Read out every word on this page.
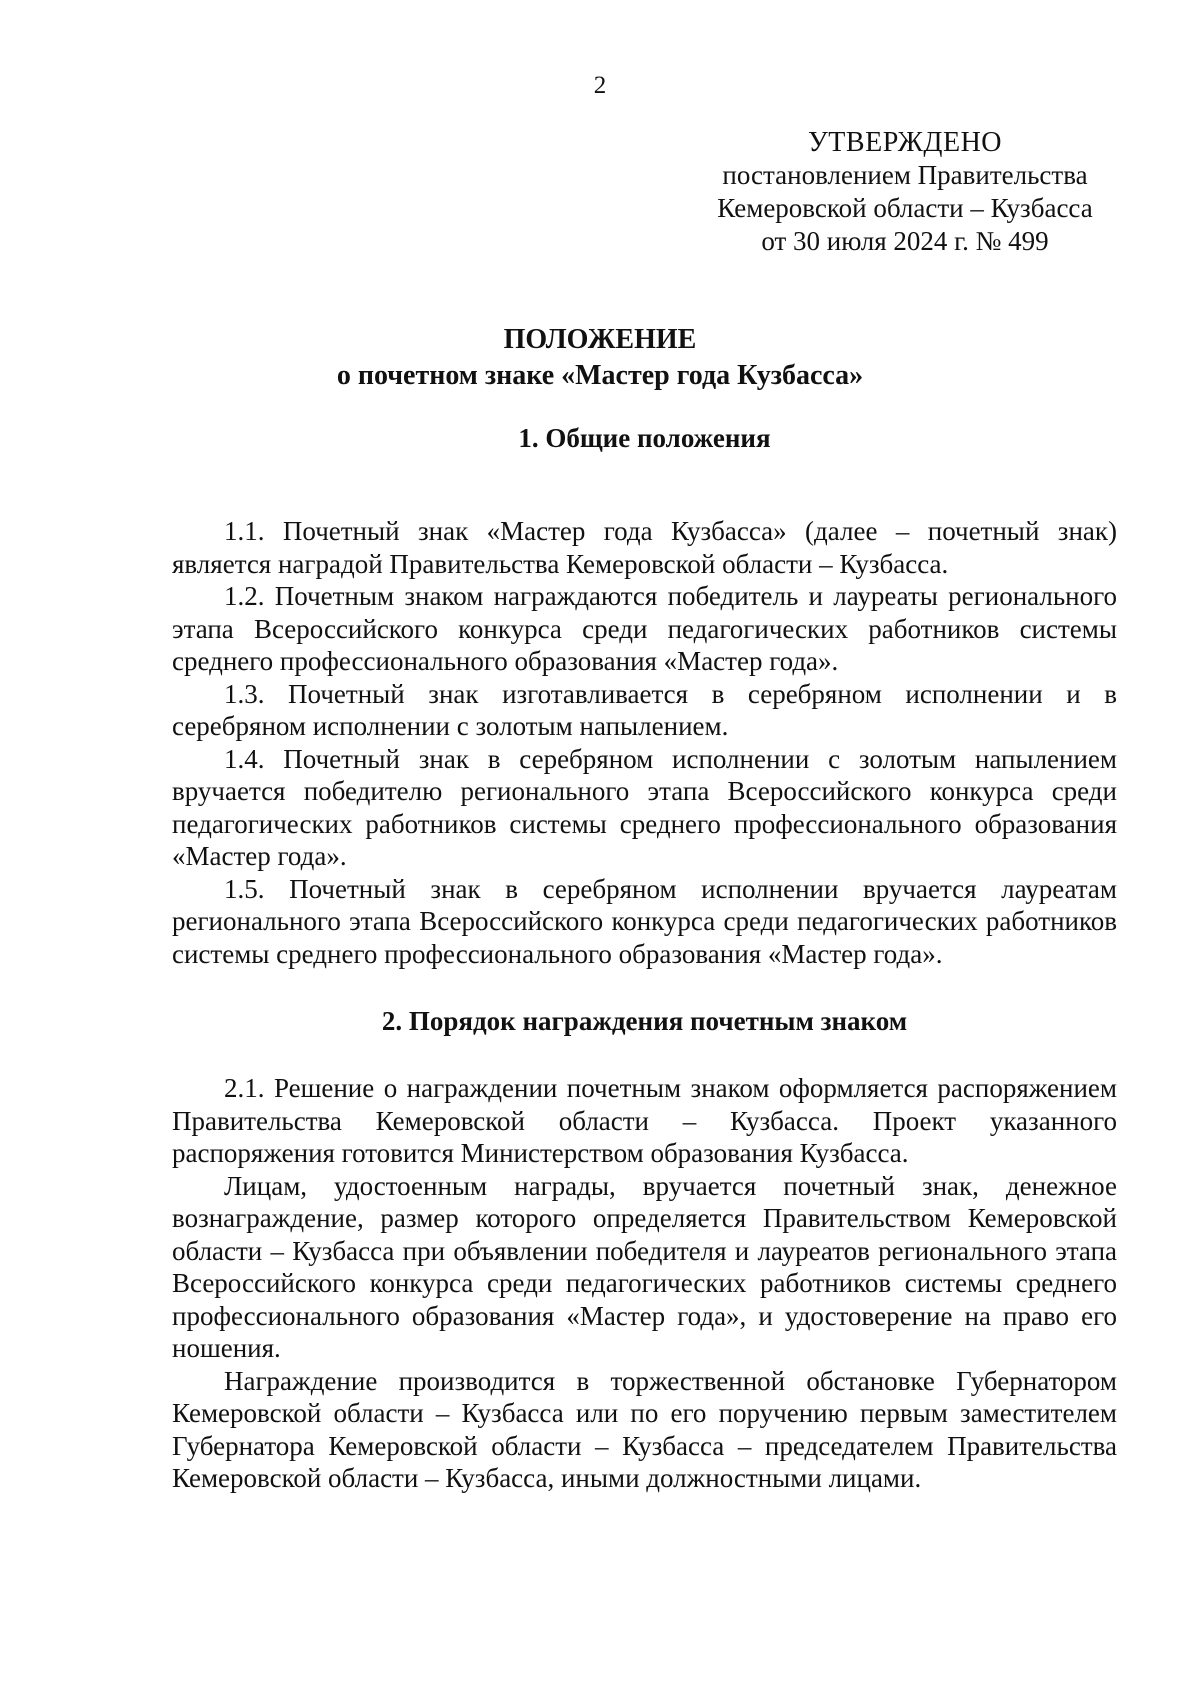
2
УТВЕРЖДЕНО
постановлением Правительства
Кемеровской области – Кузбасса
от 30 июля 2024 г. № 499
ПОЛОЖЕНИЕ
о почетном знаке «Мастер года Кузбасса»
1. Общие положения

1.1. Почетный знак «Мастер года Кузбасса» (далее – почетный знак) является наградой Правительства Кемеровской области – Кузбасса.

1.2. Почетным знаком награждаются победитель и лауреаты регионального этапа Всероссийского конкурса среди педагогических работников системы среднего профессионального образования «Мастер года».

1.3. Почетный знак изготавливается в серебряном исполнении и в серебряном исполнении с золотым напылением.

1.4. Почетный знак в серебряном исполнении с золотым напылением вручается победителю регионального этапа Всероссийского конкурса среди педагогических работников системы среднего профессионального образования «Мастер года».

1.5. Почетный знак в серебряном исполнении вручается лауреатам регионального этапа Всероссийского конкурса среди педагогических работников системы среднего профессионального образования «Мастер года».

2. Порядок награждения почетным знаком

2.1. Решение о награждении почетным знаком оформляется распоряжением Правительства Кемеровской области – Кузбасса. Проект указанного распоряжения готовится Министерством образования Кузбасса.

Лицам, удостоенным награды, вручается почетный знак, денежное вознаграждение, размер которого определяется Правительством Кемеровской области – Кузбасса при объявлении победителя и лауреатов регионального этапа Всероссийского конкурса среди педагогических работников системы среднего профессионального образования «Мастер года», и удостоверение на право его ношения.

Награждение производится в торжественной обстановке Губернатором Кемеровской области – Кузбасса или по его поручению первым заместителем Губернатора Кемеровской области – Кузбасса – председателем Правительства Кемеровской области – Кузбасса, иными должностными лицами.
